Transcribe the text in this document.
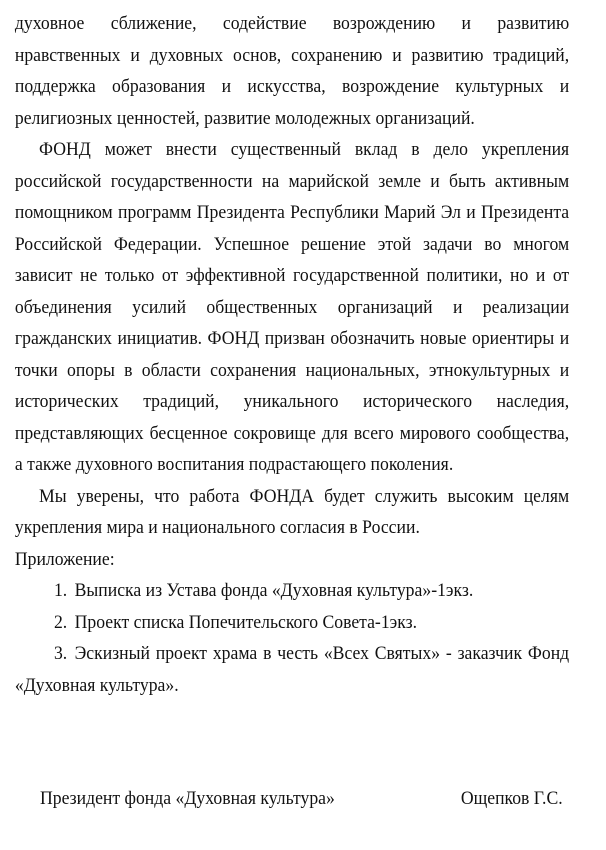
духовное сближение, содействие возрождению и развитию нравственных и духовных основ, сохранению и развитию традиций, поддержка образования и искусства, возрождение культурных и религиозных ценностей, развитие молодежных организаций.

ФОНД может внести существенный вклад в дело укрепления российской государственности на марийской земле и быть активным помощником программ Президента Республики Марий Эл и Президента Российской Федерации. Успешное решение этой задачи во многом зависит не только от эффективной государственной политики, но и от объединения усилий общественных организаций и реализации гражданских инициатив. ФОНД призван обозначить новые ориентиры и точки опоры в области сохранения национальных, этнокультурных и исторических традиций, уникального исторического наследия, представляющих бесценное сокровище для всего мирового сообщества, а также духовного воспитания подрастающего поколения.

Мы уверены, что работа ФОНДА будет служить высоким целям укрепления мира и национального согласия в России.

Приложение:

1. Выписка из Устава фонда «Духовная культура»-1экз.
2. Проект списка Попечительского Совета-1экз.
3. Эскизный проект храма в честь «Всех Святых» - заказчик Фонд «Духовная культура».
Президент фонда «Духовная культура»	Ощепков Г.С.
